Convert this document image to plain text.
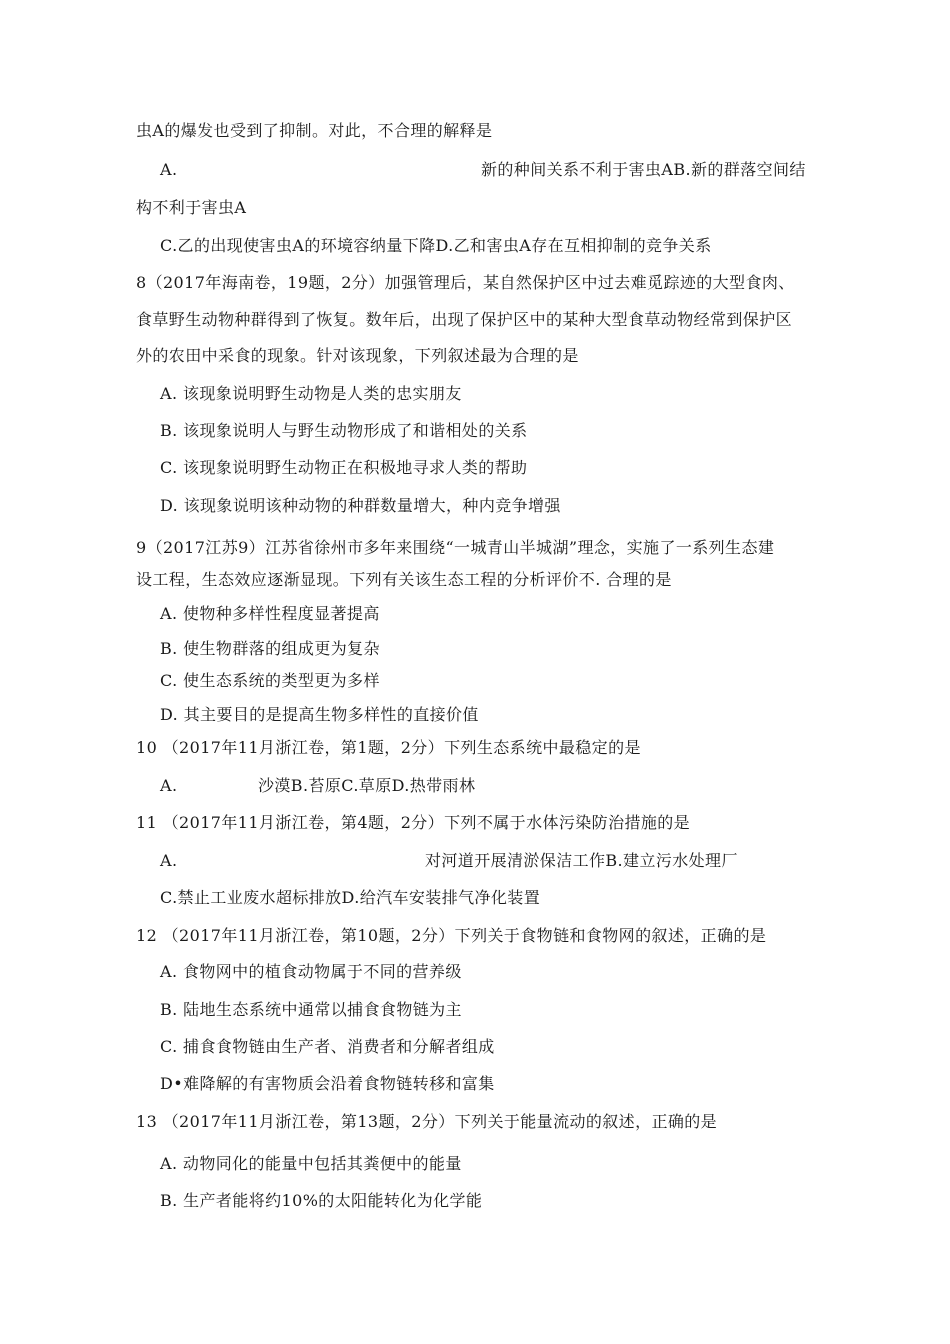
虫A的爆发也受到了抑制。对此，不合理的解释是
A.	新的种间关系不利于害虫AB.新的群落空间结
构不利于害虫A
C.乙的出现使害虫A的环境容纳量下降D.乙和害虫A存在互相抑制的竞争关系
8（2017年海南卷，19题，2分）加强管理后，某自然保护区中过去难觅踪迹的大型食肉、
食草野生动物种群得到了恢复。数年后，出现了保护区中的某种大型食草动物经常到保护区
外的农田中采食的现象。针对该现象，下列叙述最为合理的是
A. 该现象说明野生动物是人类的忠实朋友
B. 该现象说明人与野生动物形成了和谐相处的关系
C. 该现象说明野生动物正在积极地寻求人类的帮助
D. 该现象说明该种动物的种群数量增大，种内竞争增强
9（2017江苏9）江苏省徐州市多年来围绕“一城青山半城湖”理念，实施了一系列生态建
设工程，生态效应逐渐显现。下列有关该生态工程的分析评价不. 合理的是
A. 使物种多样性程度显著提高
B. 使生物群落的组成更为复杂
C. 使生态系统的类型更为多样
D. 其主要目的是提高生物多样性的直接价值
10 （2017年11月浙江卷，第1题，2分）下列生态系统中最稳定的是
A.	沙漠B.苔原C.草原D.热带雨林
11 （2017年11月浙江卷，第4题，2分）下列不属于水体污染防治措施的是
A.	对河道开展清淤保洁工作B.建立污水处理厂
C.禁止工业废水超标排放D.给汽车安装排气净化装置
12 （2017年11月浙江卷，第10题，2分）下列关于食物链和食物网的叙述，正确的是
A. 食物网中的植食动物属于不同的营养级
B. 陆地生态系统中通常以捕食食物链为主
C. 捕食食物链由生产者、消费者和分解者组成
D•难降解的有害物质会沿着食物链转移和富集
13 （2017年11月浙江卷，第13题，2分）下列关于能量流动的叙述，正确的是
A. 动物同化的能量中包括其粪便中的能量
B. 生产者能将约10%的太阳能转化为化学能
